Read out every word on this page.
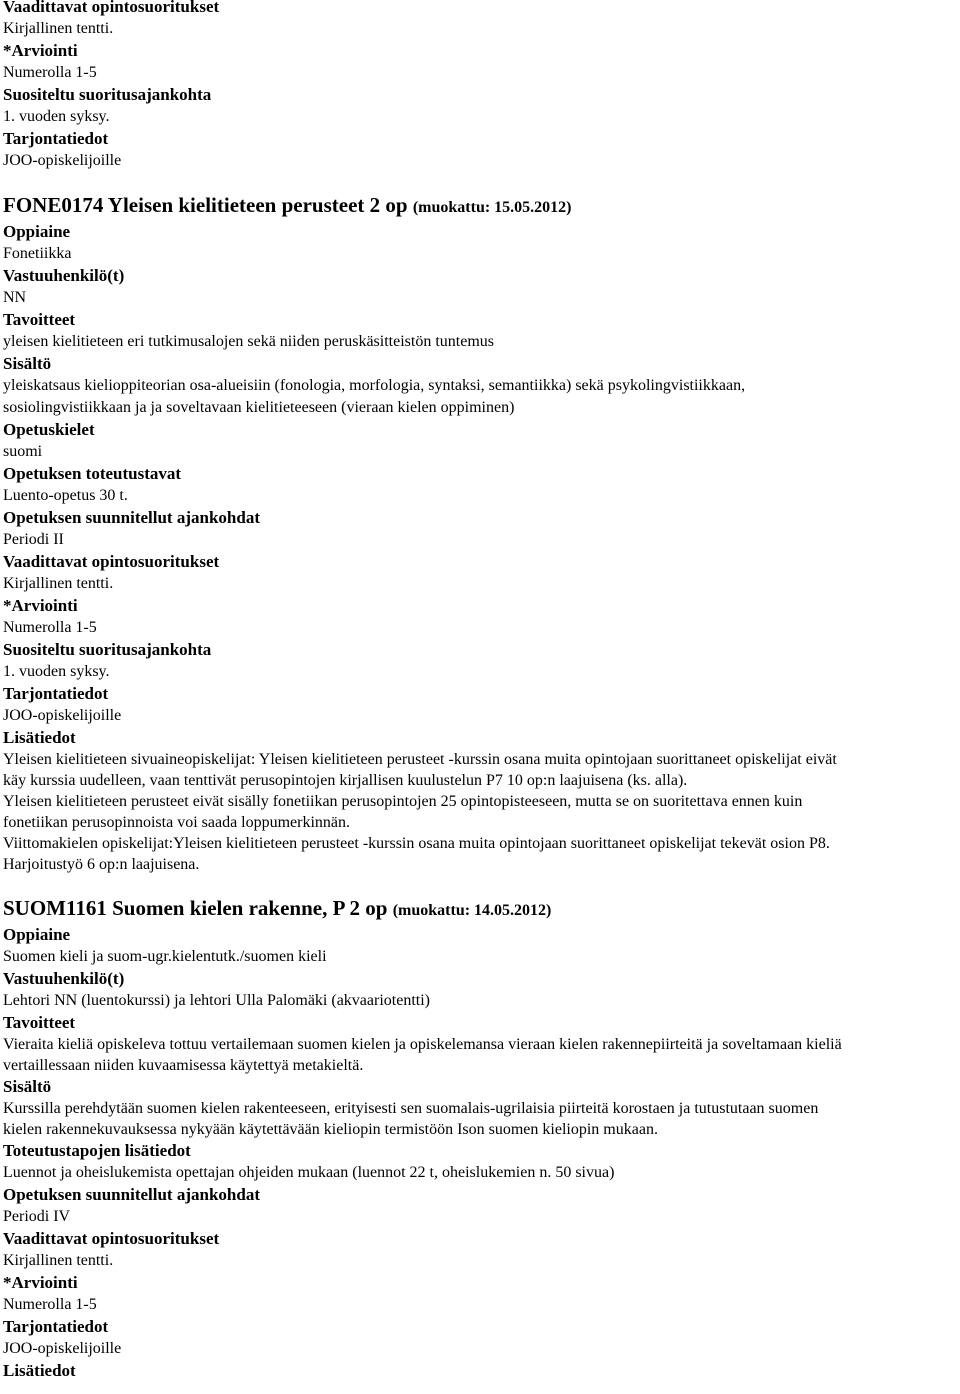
Vaadittavat opintosuoritukset

Kirjallinen tentti.

*Arviointi

Numerolla 1-5

Suositeltu suoritusajankohta

1. vuoden syksy.

Tarjontatiedot

JOO-opiskelijoille

FONE0174 Yleisen kielitieteen perusteet 2 op (muokattu: 15.05.2012)

Oppiaine

Fonetiikka

Vastuuhenkilö(t)

NN

Tavoitteet

yleisen kielitieteen eri tutkimusalojen sekä niiden peruskäsitteistön tuntemus

Sisältö

yleiskatsaus kielioppiteorian osa-alueisiin (fonologia, morfologia, syntaksi, semantiikka) sekä psykolingvistiikkaan,

sosiolingvistiikkaan ja ja soveltavaan kielitieteeseen (vieraan kielen oppiminen)

Opetuskielet

suomi

Opetuksen toteutustavat

Luento-opetus 30 t.

Opetuksen suunnitellut ajankohdat

Periodi II

Vaadittavat opintosuoritukset

Kirjallinen tentti.

*Arviointi

Numerolla 1-5

Suositeltu suoritusajankohta

1. vuoden syksy.

Tarjontatiedot

JOO-opiskelijoille

Lisätiedot

Yleisen kielitieteen sivuaineopiskelijat: Yleisen kielitieteen perusteet -kurssin osana muita opintojaan suorittaneet opiskelijat eivät

käy kurssia uudelleen, vaan tenttivät perusopintojen kirjallisen kuulustelun P7 10 op:n laajuisena (ks. alla).

Yleisen kielitieteen perusteet eivät sisälly fonetiikan perusopintojen 25 opintopisteeseen, mutta se on suoritettava ennen kuin

fonetiikan perusopinnoista voi saada loppumerkinnän.

Viittomakielen opiskelijat:Yleisen kielitieteen perusteet -kurssin osana muita opintojaan suorittaneet opiskelijat tekevät osion P8.

Harjoitustyö 6 op:n laajuisena.

SUOM1161 Suomen kielen rakenne, P 2 op (muokattu: 14.05.2012)

Oppiaine

Suomen kieli ja suom-ugr.kielentutk./suomen kieli

Vastuuhenkilö(t)

Lehtori NN (luentokurssi) ja lehtori Ulla Palomäki (akvaariotentti)

Tavoitteet

Vieraita kieliä opiskeleva tottuu vertailemaan suomen kielen ja opiskelemansa vieraan kielen rakennepiirteitä ja soveltamaan kieliä

vertaillessaan niiden kuvaamisessa käytettyä metakieltä.

Sisältö

Kurssilla perehdytään suomen kielen rakenteeseen, erityisesti sen suomalais-ugrilaisia piirteitä korostaen ja tutustutaan suomen

kielen rakennekuvauksessa nykyään käytettävään kieliopin termistöön Ison suomen kieliopin mukaan.

Toteutustapojen lisätiedot

Luennot ja oheislukemista opettajan ohjeiden mukaan (luennot 22 t, oheislukemien n. 50 sivua)

Opetuksen suunnitellut ajankohdat

Periodi IV

Vaadittavat opintosuoritukset

Kirjallinen tentti.

*Arviointi

Numerolla 1-5

Tarjontatiedot

JOO-opiskelijoille

Lisätiedot
